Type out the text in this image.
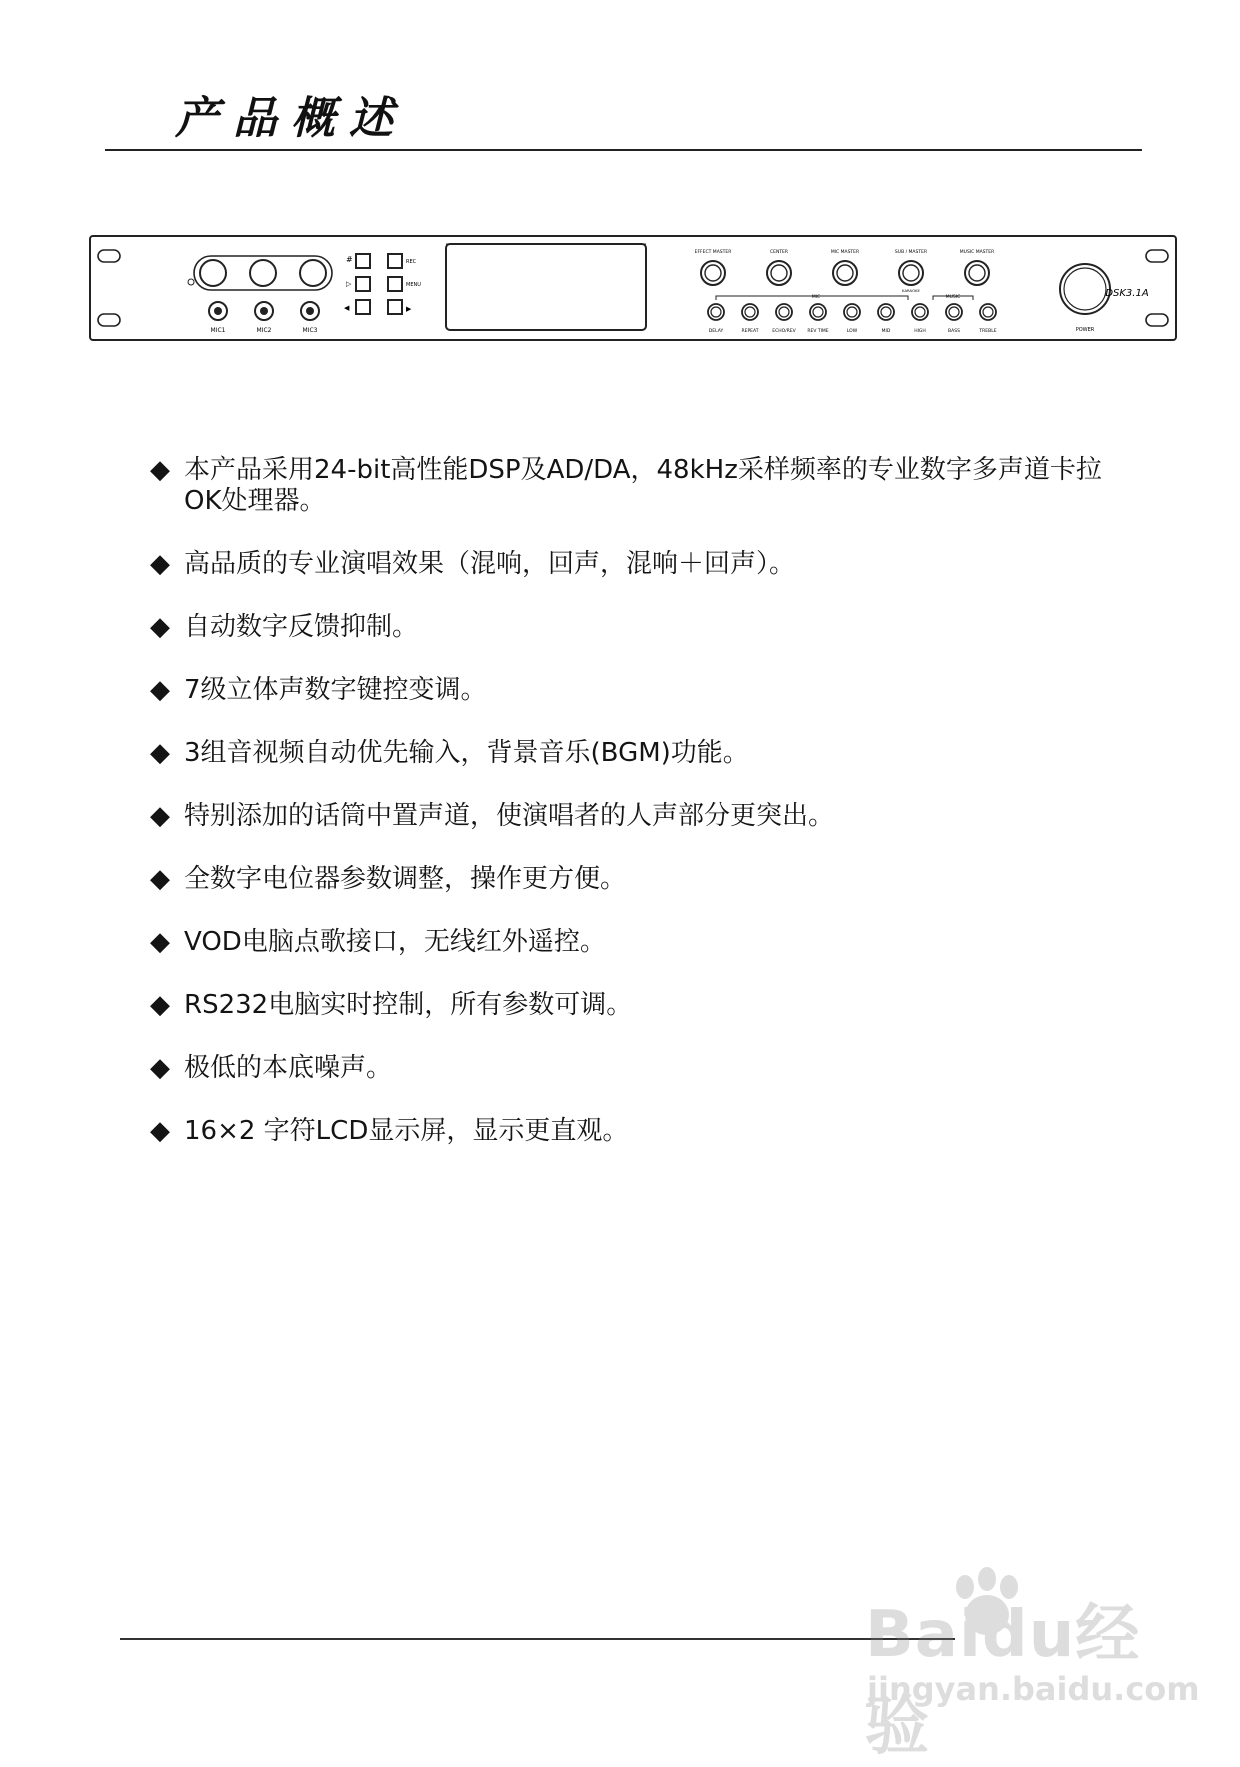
产品概述
MIC1	MIC2	MIC3
#
▷
◀
REC
MENU
▶
EFFECT MASTER	CENTER	MIC MASTER	SUB / MASTER	MUSIC MASTER
KARAOKE
MIC	MUSIC
DELAY	REPEAT	ECHO/REV	REV TIME	LOW	MID	HIGH	BASS	TREBLE	POWER
DSK3.1A
◆ 本产品采用24-bit高性能DSP及AD/DA，48kHz采样频率的专业数字多声道卡拉OK处理器。
◆ 高品质的专业演唱效果（混响，回声，混响＋回声）。
◆ 自动数字反馈抑制。
◆ 7级立体声数字键控变调。
◆ 3组音视频自动优先输入，背景音乐(BGM)功能。
◆ 特别添加的话筒中置声道，使演唱者的人声部分更突出。
◆ 全数字电位器参数调整，操作更方便。
◆ VOD电脑点歌接口，无线红外遥控。
◆ RS232电脑实时控制，所有参数可调。
◆ 极低的本底噪声。
◆ 16×2 字符LCD显示屏，显示更直观。
Baidu经验
jingyan.baidu.com
